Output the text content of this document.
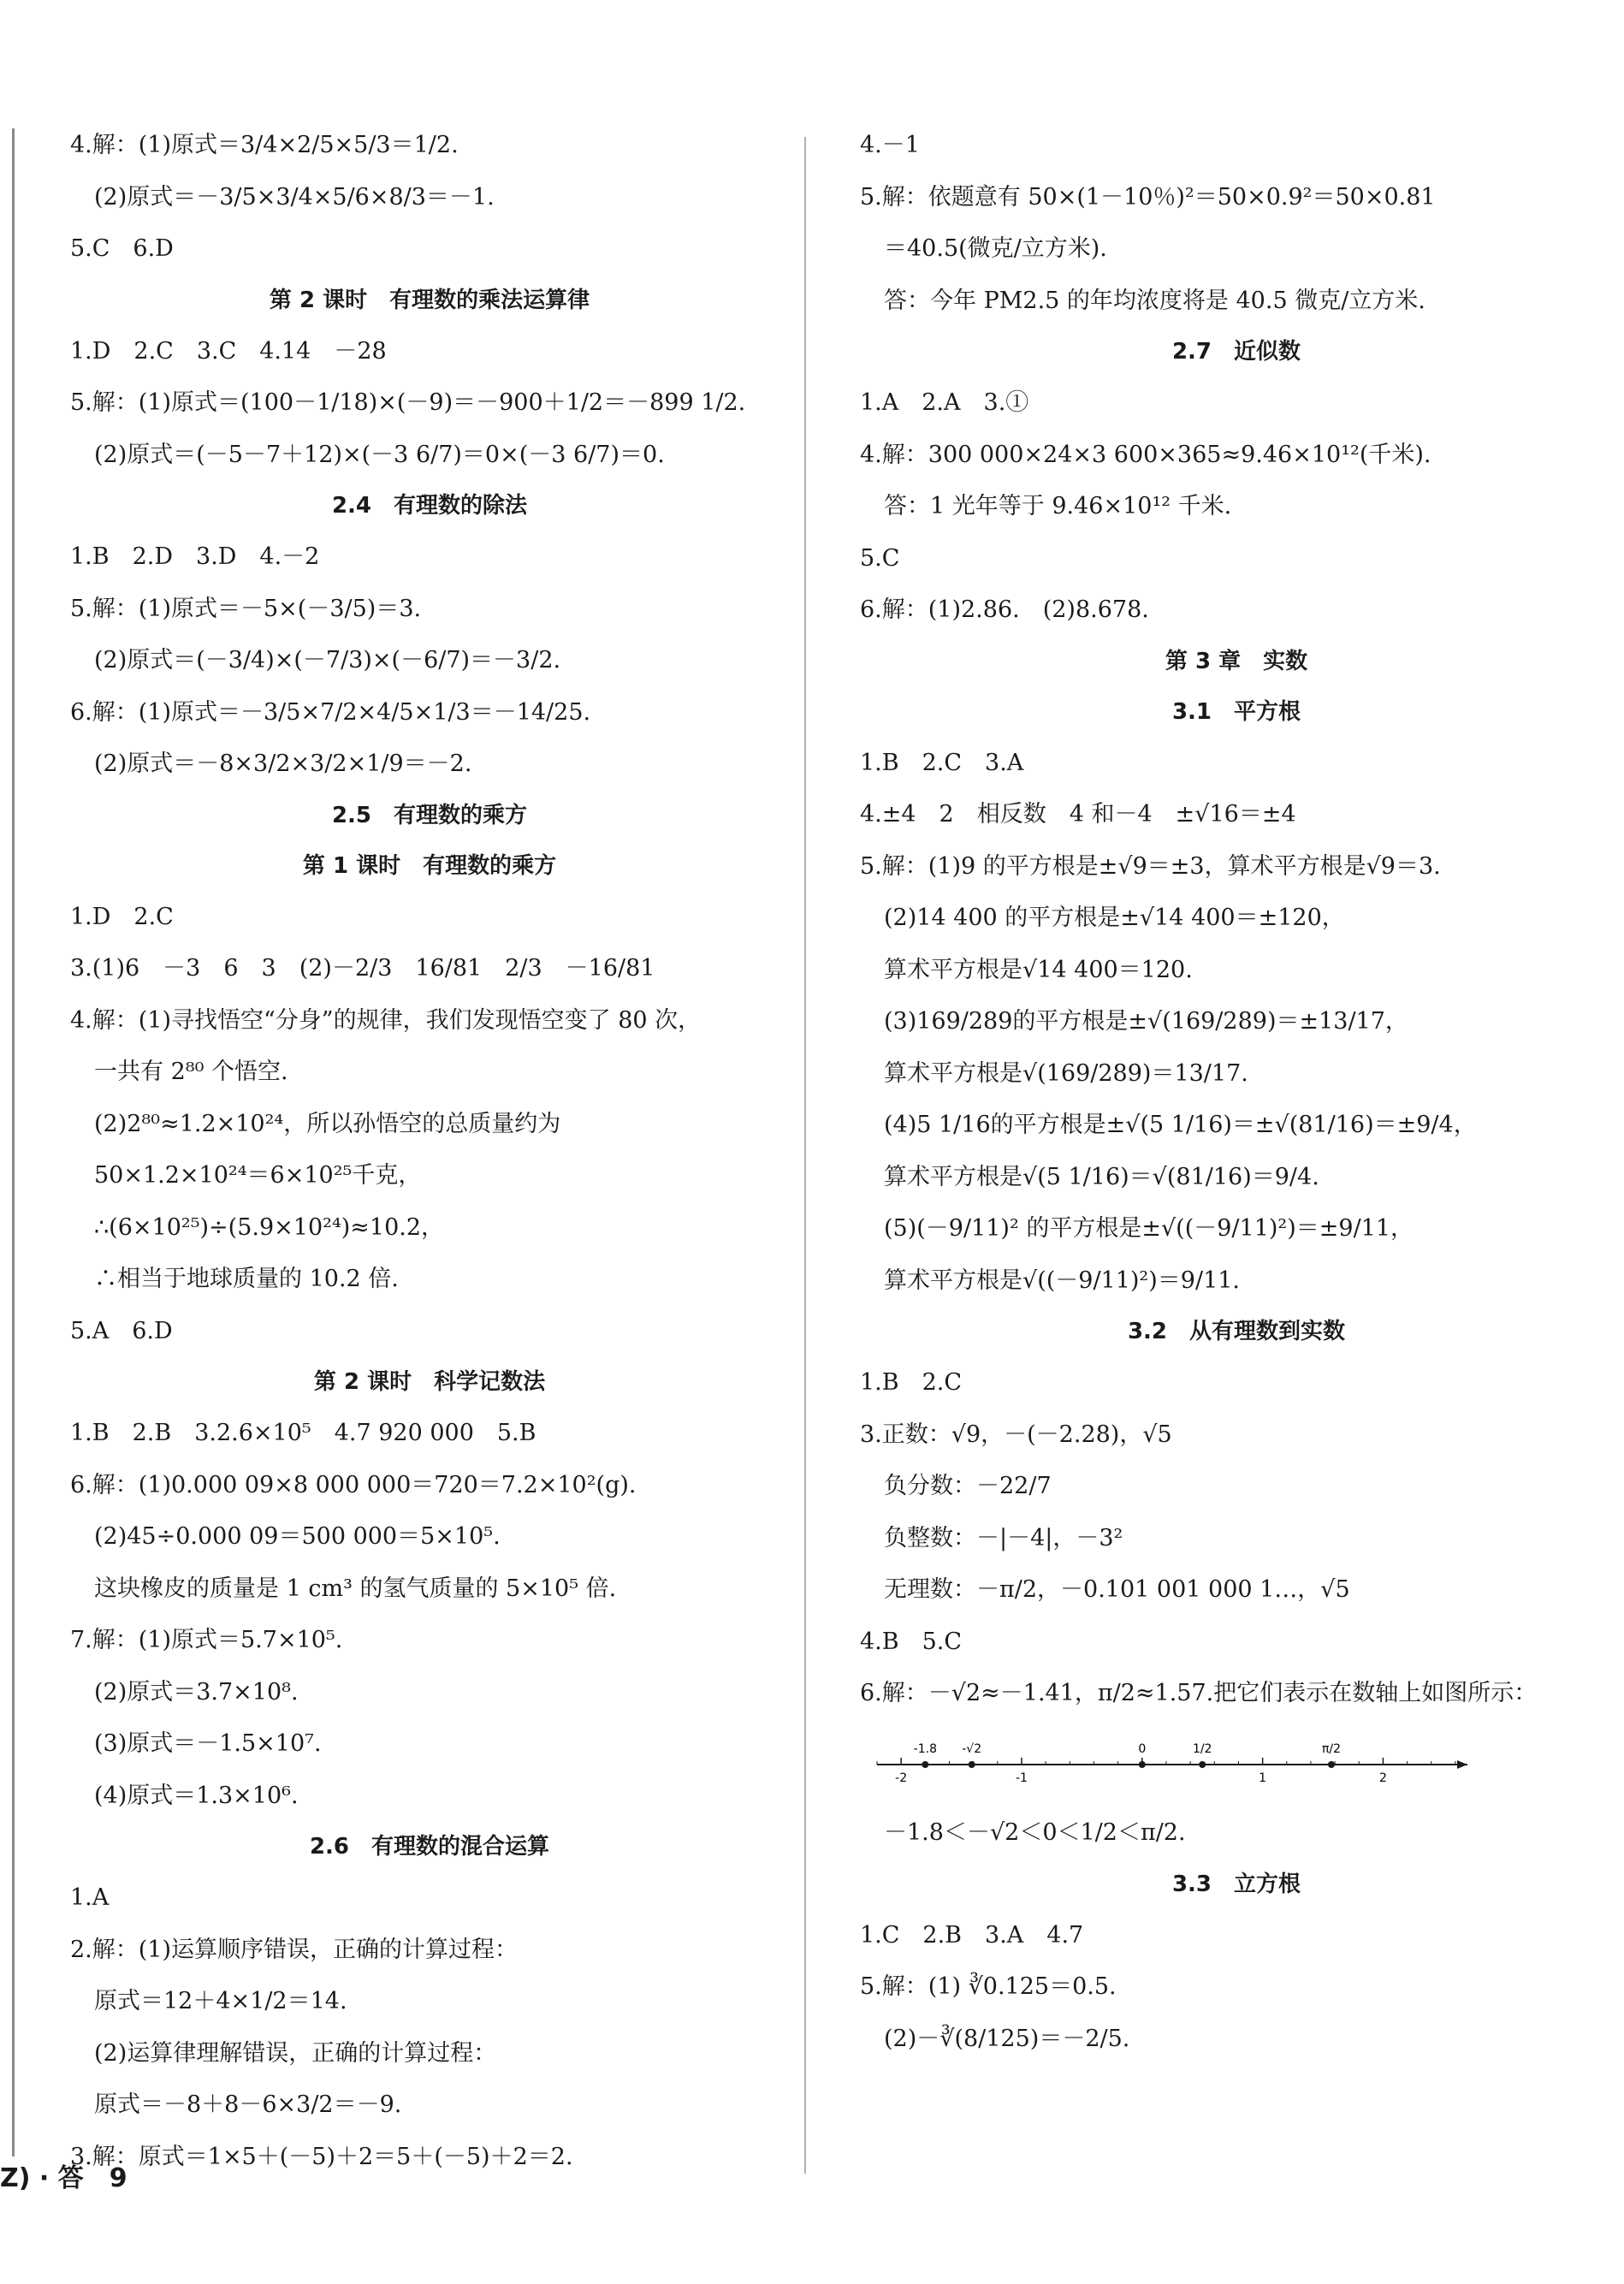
4.解：(1)原式＝3/4×2/5×5/3＝1/2.
(2)原式＝－3/5×3/4×5/6×8/3＝－1.
5.C　6.D
第 2 课时　有理数的乘法运算律
1.D　2.C　3.C　4.14　－28
5.解：(1)原式＝(100－1/18)×(－9)＝－900＋1/2＝－899 1/2.
(2)原式＝(－5－7＋12)×(－3 6/7)＝0×(－3 6/7)＝0.
2.4　有理数的除法
1.B　2.D　3.D　4.－2
5.解：(1)原式＝－5×(－3/5)＝3.
(2)原式＝(－3/4)×(－7/3)×(－6/7)＝－3/2.
6.解：(1)原式＝－3/5×7/2×4/5×1/3＝－14/25.
(2)原式＝－8×3/2×3/2×1/9＝－2.
2.5　有理数的乘方
第 1 课时　有理数的乘方
1.D　2.C
3.(1)6　－3　6　3　(2)－2/3　16/81　2/3　－16/81
4.解：(1)寻找悟空“分身”的规律，我们发现悟空变了 80 次，
一共有 2⁸⁰ 个悟空.
(2)2⁸⁰≈1.2×10²⁴，所以孙悟空的总质量约为
50×1.2×10²⁴＝6×10²⁵千克，
∴(6×10²⁵)÷(5.9×10²⁴)≈10.2，
∴相当于地球质量的 10.2 倍.
5.A　6.D
第 2 课时　科学记数法
1.B　2.B　3.2.6×10⁵　4.7 920 000　5.B
6.解：(1)0.000 09×8 000 000＝720＝7.2×10²(g).
(2)45÷0.000 09＝500 000＝5×10⁵.
这块橡皮的质量是 1 cm³ 的氢气质量的 5×10⁵ 倍.
7.解：(1)原式＝5.7×10⁵.
(2)原式＝3.7×10⁸.
(3)原式＝－1.5×10⁷.
(4)原式＝1.3×10⁶.
2.6　有理数的混合运算
1.A
2.解：(1)运算顺序错误，正确的计算过程：
原式＝12＋4×1/2＝14.
(2)运算律理解错误，正确的计算过程：
原式＝－8＋8－6×3/2＝－9.
3.解：原式＝1×5＋(－5)＋2＝5＋(－5)＋2＝2.
4.－1
5.解：依题意有 50×(1－10％)²＝50×0.9²＝50×0.81
＝40.5(微克/立方米).
答：今年 PM2.5 的年均浓度将是 40.5 微克/立方米.
2.7　近似数
1.A　2.A　3.①
4.解：300 000×24×3 600×365≈9.46×10¹²(千米).
答：1 光年等于 9.46×10¹² 千米.
5.C
6.解：(1)2.86.　(2)8.678.
第 3 章　实数
3.1　平方根
1.B　2.C　3.A
4.±4　2　相反数　4 和－4　±√16＝±4
5.解：(1)9 的平方根是±√9＝±3，算术平方根是√9＝3.
(2)14 400 的平方根是±√14 400＝±120，
算术平方根是√14 400＝120.
(3)169/289的平方根是±√(169/289)＝±13/17，
算术平方根是√(169/289)＝13/17.
(4)5 1/16的平方根是±√(5 1/16)＝±√(81/16)＝±9/4，
算术平方根是√(5 1/16)＝√(81/16)＝9/4.
(5)(－9/11)² 的平方根是±√((－9/11)²)＝±9/11，
算术平方根是√((－9/11)²)＝9/11.
3.2　从有理数到实数
1.B　2.C
3.正数：√9，－(－2.28)，√5
负分数：－22/7
负整数：－|－4|，－3²
无理数：－π/2，－0.101 001 000 1…，√5
4.B　5.C
6.解：－√2≈－1.41，π/2≈1.57.把它们表示在数轴上如图所示：
-2	-1	1	2
-1.8 -√2	0	1/2	π/2
－1.8＜－√2＜0＜1/2＜π/2.
3.3　立方根
1.C　2.B　3.A　4.7
5.解：(1) ∛0.125＝0.5.
(2)－∛(8/125)＝－2/5.
Z) · 答　9
